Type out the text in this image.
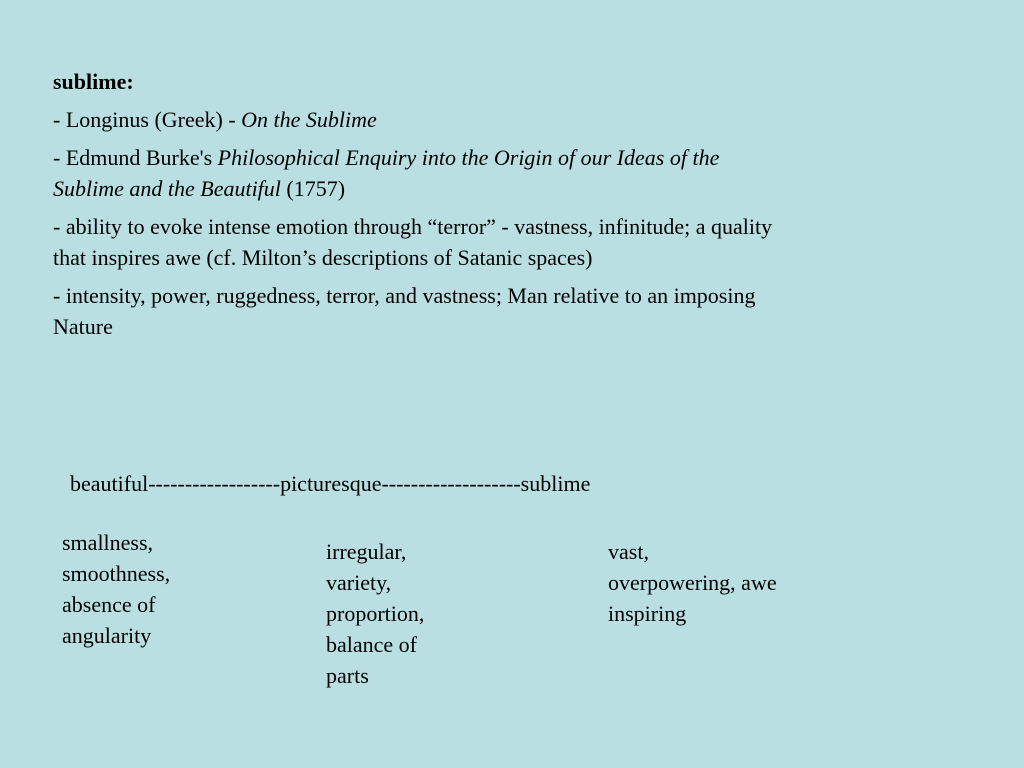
sublime:
- Longinus (Greek) - On the Sublime
- Edmund Burke's Philosophical Enquiry into the Origin of our Ideas of the Sublime and the Beautiful (1757)
- ability to evoke intense emotion through “terror” - vastness, infinitude; a quality that inspires awe (cf. Milton’s descriptions of Satanic spaces)
- intensity, power, ruggedness, terror, and vastness; Man relative to an imposing Nature
beautiful------------------picturesque-------------------sublime
smallness,
smoothness,
absence of
angularity
irregular,
variety,
proportion,
balance of
parts
vast,
overpowering, awe
inspiring
